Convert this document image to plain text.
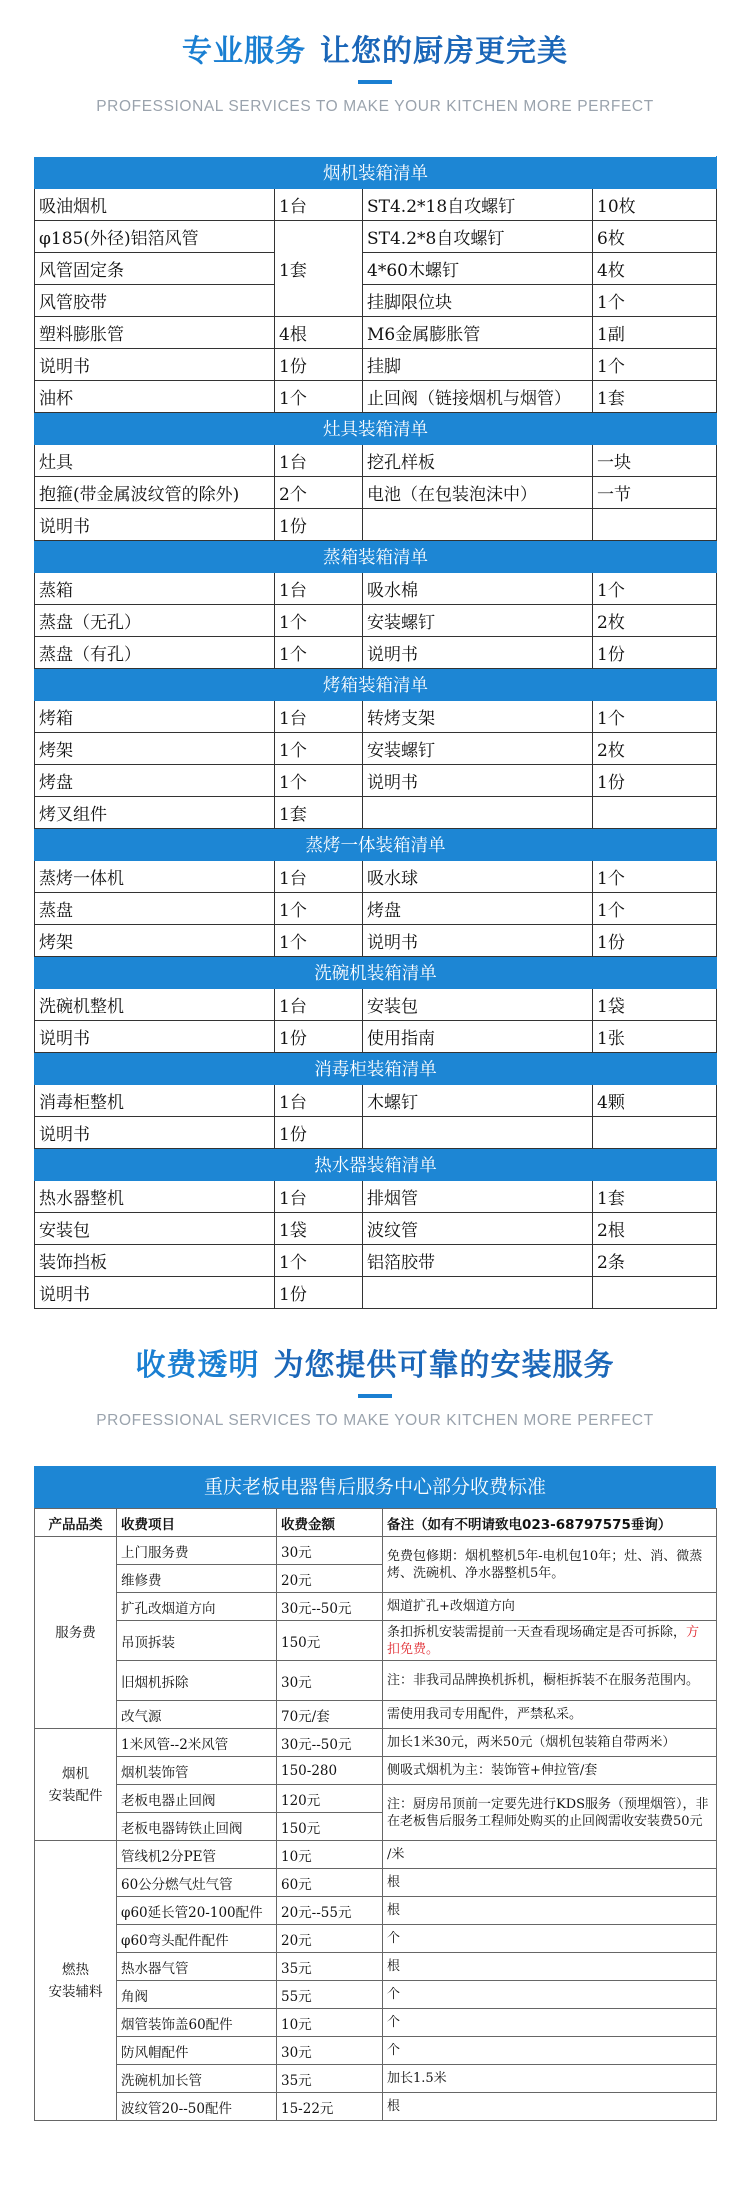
专业服务 让您的厨房更完美
PROFESSIONAL SERVICES TO MAKE YOUR KITCHEN MORE PERFECT
烟机装箱清单			
吸油烟机	1台	ST4.2*18自攻螺钉	10枚
φ185(外径)铝箔风管	1套	ST4.2*8自攻螺钉	6枚
风管固定条		4*60木螺钉	4枚
风管胶带		挂脚限位块	1个
塑料膨胀管	4根	M6金属膨胀管	1副
说明书	1份	挂脚	1个
油杯	1个	止回阀（链接烟机与烟管）	1套
灶具装箱清单			
灶具	1台	挖孔样板	一块
抱箍(带金属波纹管的除外)	2个	电池（在包装泡沫中）	一节
说明书	1份		
蒸箱装箱清单			
蒸箱	1台	吸水棉	1个
蒸盘（无孔）	1个	安装螺钉	2枚
蒸盘（有孔）	1个	说明书	1份
烤箱装箱清单			
烤箱	1台	转烤支架	1个
烤架	1个	安装螺钉	2枚
烤盘	1个	说明书	1份
烤叉组件	1套		
蒸烤一体装箱清单			
蒸烤一体机	1台	吸水球	1个
蒸盘	1个	烤盘	1个
烤架	1个	说明书	1份
洗碗机装箱清单			
洗碗机整机	1台	安装包	1袋
说明书	1份	使用指南	1张
消毒柜装箱清单			
消毒柜整机	1台	木螺钉	4颗
说明书	1份		
热水器装箱清单			
热水器整机	1台	排烟管	1套
安装包	1袋	波纹管	2根
装饰挡板	1个	铝箔胶带	2条
说明书	1份		
收费透明 为您提供可靠的安装服务
PROFESSIONAL SERVICES TO MAKE YOUR KITCHEN MORE PERFECT
重庆老板电器售后服务中心部分收费标准
产品品类	收费项目	收费金额	备注（如有不明请致电023-68797575垂询）
服务费	上门服务费	30元	免费包修期：烟机整机5年-电机包10年；灶、消、微蒸烤、洗碗机、净水器整机5年。
	维修费	20元	
	扩孔改烟道方向	30元--50元	烟道扩孔+改烟道方向
	吊顶拆装	150元	条扣拆机安装需提前一天查看现场确定是否可拆除，方扣免费。
	旧烟机拆除	30元	注：非我司品牌换机拆机，橱柜拆装不在服务范围内。
	改气源	70元/套	需使用我司专用配件，严禁私采。
烟机
安装配件	1米风管--2米风管	30元--50元	加长1米30元，两米50元（烟机包装箱自带两米）
	烟机装饰管	150-280	侧吸式烟机为主：装饰管+伸拉管/套
	老板电器止回阀	120元	注：厨房吊顶前一定要先进行KDS服务（预埋烟管），非在老板售后服务工程师处购买的止回阀需收安装费50元
	老板电器铸铁止回阀	150元	
燃热
安装辅料	管线机2分PE管	10元	/米
	60公分燃气灶气管	60元	根
	φ60延长管20-100配件	20元--55元	根
	φ60弯头配件配件	20元	个
	热水器气管	35元	根
	角阀	55元	个
	烟管装饰盖60配件	10元	个
	防风帽配件	30元	个
	洗碗机加长管	35元	加长1.5米
	波纹管20--50配件	15-22元	根
